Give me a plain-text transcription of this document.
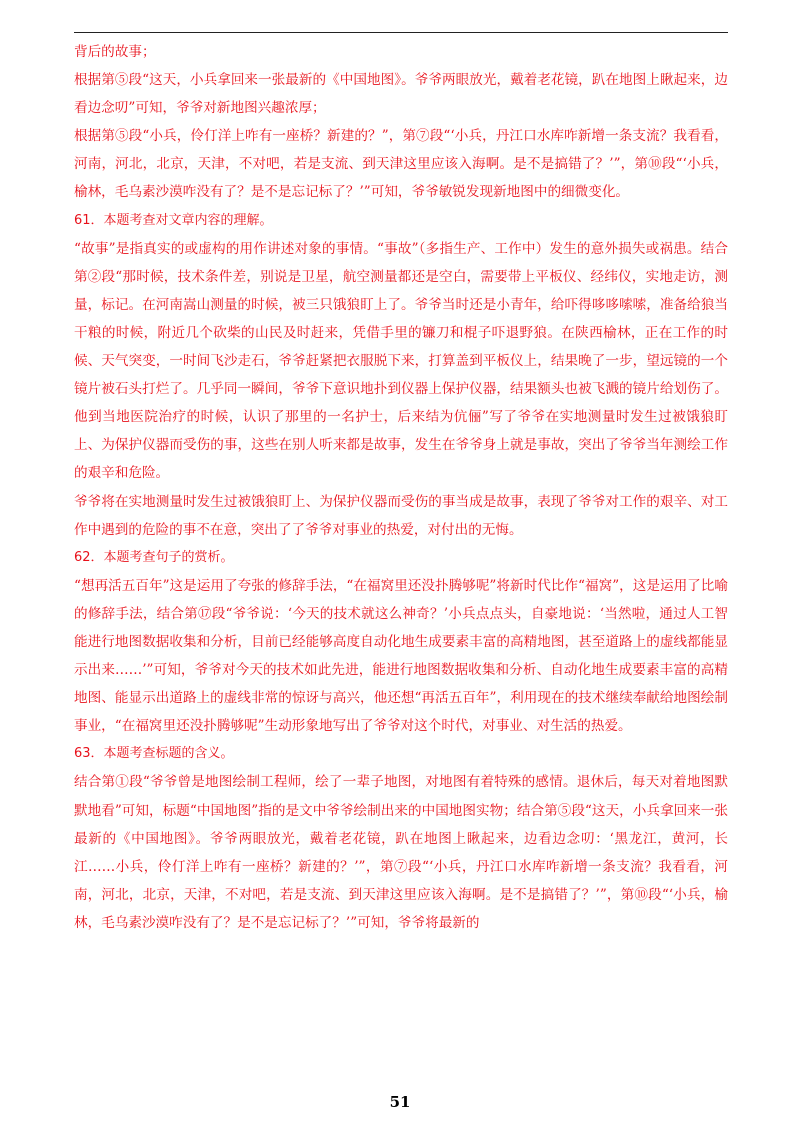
背后的故事；

根据第⑤段“这天，小兵拿回来一张最新的《中国地图》。爷爷两眼放光，戴着老花镜，趴在地图上瞅起来，边看边念叨”可知，爷爷对新地图兴趣浓厚；

根据第⑤段“小兵，伶仃洋上咋有一座桥？新建的？”，第⑦段“‘小兵，丹江口水库咋新增一条支流？我看看，河南，河北，北京，天津，不对吧，若是支流、到天津这里应该入海啊。是不是搞错了？’”，第⑩段“‘小兵，榆林，毛乌素沙漠咋没有了？是不是忘记标了？’”可知，爷爷敏锐发现新地图中的细微变化。

61．本题考查对文章内容的理解。

“故事”是指真实的或虚构的用作讲述对象的事情。“事故”（多指生产、工作中）发生的意外损失或祸患。结合第②段“那时候，技术条件差，别说是卫星，航空测量都还是空白，需要带上平板仪、经纬仪，实地走访，测量，标记。在河南嵩山测量的时候，被三只饿狼盯上了。爷爷当时还是小青年，给吓得哆哆嗦嗦，准备给狼当干粮的时候，附近几个砍柴的山民及时赶来，凭借手里的镰刀和棍子吓退野狼。在陕西榆林，正在工作的时候、天气突变，一时间飞沙走石，爷爷赶紧把衣服脱下来，打算盖到平板仪上，结果晚了一步，望远镜的一个镜片被石头打烂了。几乎同一瞬间，爷爷下意识地扑到仪器上保护仪器，结果额头也被飞溅的镜片给划伤了。他到当地医院治疗的时候，认识了那里的一名护士，后来结为伉俪”写了爷爷在实地测量时发生过被饿狼盯上、为保护仪器而受伤的事，这些在别人听来都是故事，发生在爷爷身上就是事故，突出了爷爷当年测绘工作的艰辛和危险。

爷爷将在实地测量时发生过被饿狼盯上、为保护仪器而受伤的事当成是故事，表现了爷爷对工作的艰辛、对工作中遇到的危险的事不在意，突出了了爷爷对事业的热爱，对付出的无悔。

62．本题考查句子的赏析。

“想再活五百年”这是运用了夸张的修辞手法，“在福窝里还没扑腾够呢”将新时代比作“福窝”，这是运用了比喻的修辞手法，结合第⑰段“爷爷说：‘今天的技术就这么神奇？’小兵点点头，自豪地说：‘当然啦，通过人工智能进行地图数据收集和分析，目前已经能够高度自动化地生成要素丰富的高精地图，甚至道路上的虚线都能显示出来……’”可知，爷爷对今天的技术如此先进，能进行地图数据收集和分析、自动化地生成要素丰富的高精地图、能显示出道路上的虚线非常的惊讶与高兴，他还想“再活五百年”，利用现在的技术继续奉献给地图绘制事业，“在福窝里还没扑腾够呢”生动形象地写出了爷爷对这个时代，对事业、对生活的热爱。

63．本题考查标题的含义。

结合第①段“爷爷曾是地图绘制工程师，绘了一辈子地图，对地图有着特殊的感情。退休后，每天对着地图默默地看”可知，标题“中国地图”指的是文中爷爷绘制出来的中国地图实物；结合第⑤段“这天，小兵拿回来一张最新的《中国地图》。爷爷两眼放光，戴着老花镜，趴在地图上瞅起来，边看边念叨：‘黑龙江，黄河，长江……小兵，伶仃洋上咋有一座桥？新建的？’”，第⑦段“‘小兵，丹江口水库咋新增一条支流？我看看，河南，河北，北京，天津，不对吧，若是支流、到天津这里应该入海啊。是不是搞错了？’”，第⑩段“‘小兵，榆林，毛乌素沙漠咋没有了？是不是忘记标了？’”可知，爷爷将最新的

51
